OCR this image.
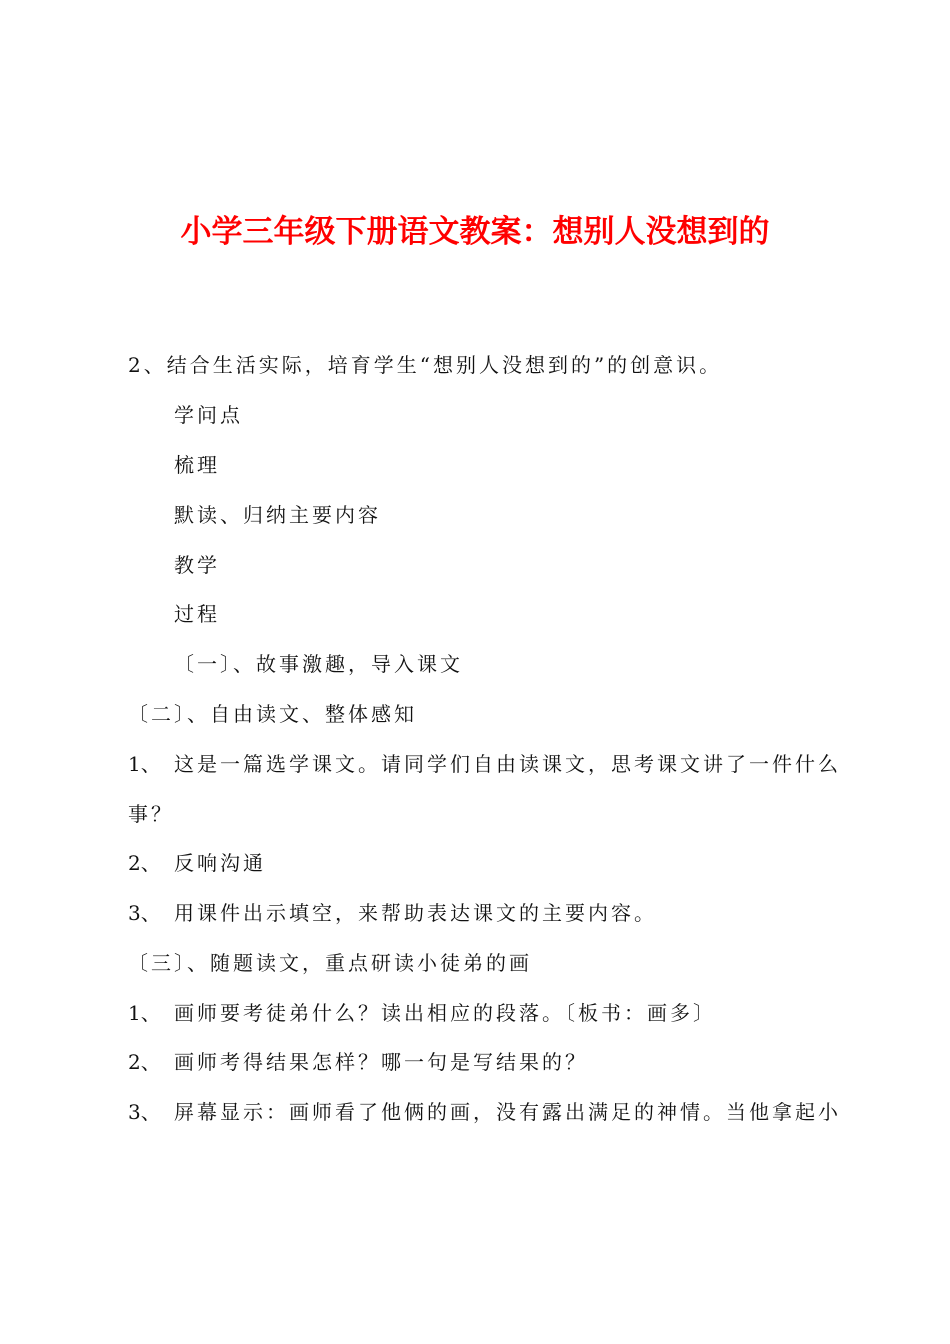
小学三年级下册语文教案：想别人没想到的
2、结合生活实际，培育学生“想别人没想到的”的创意识。
学问点
梳理
默读、归纳主要内容
教学
过程
〔一〕、故事激趣，导入课文
〔二〕、自由读文、整体感知
1、 这是一篇选学课文。请同学们自由读课文，思考课文讲了一件什么
事？
2、 反响沟通
3、 用课件出示填空，来帮助表达课文的主要内容。
〔三〕、随题读文，重点研读小徒弟的画
1、 画师要考徒弟什么？读出相应的段落。〔板书：画多〕
2、 画师考得结果怎样？哪一句是写结果的？
3、 屏幕显示：画师看了他俩的画，没有露出满足的神情。当他拿起小
